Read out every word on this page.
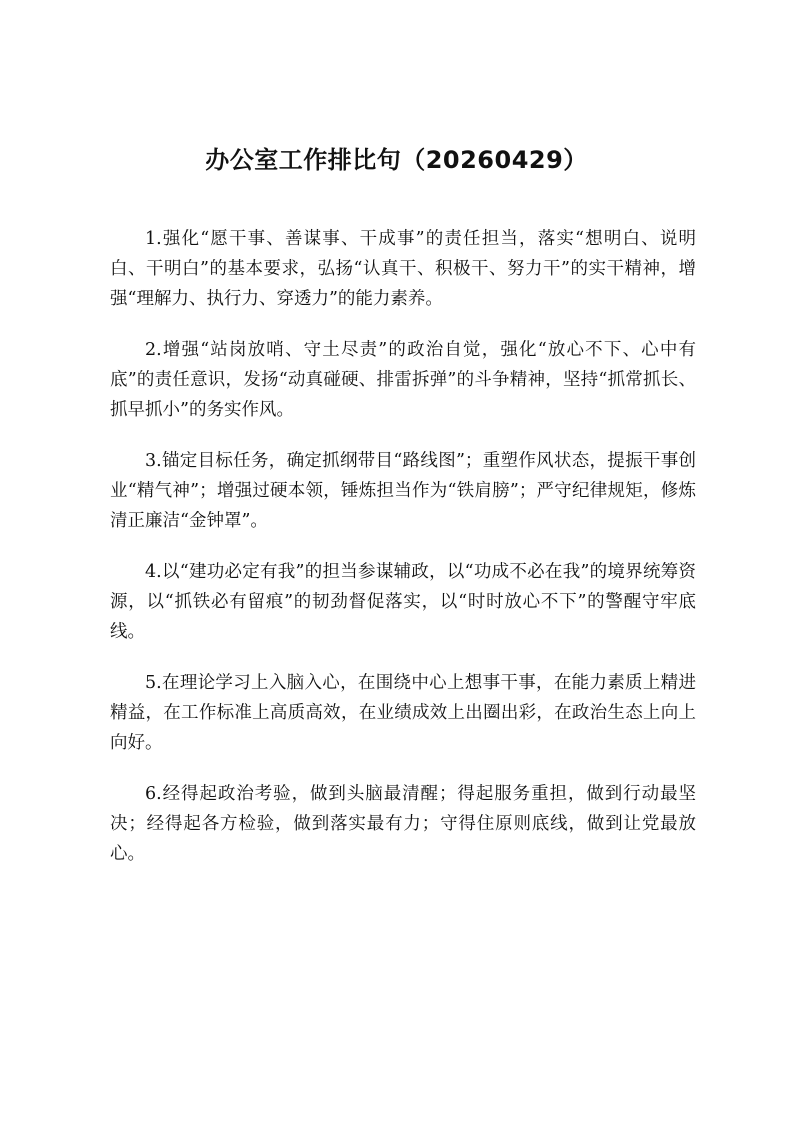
办公室工作排比句（20260429）

1.强化“愿干事、善谋事、干成事”的责任担当，落实“想明白、说明白、干明白”的基本要求，弘扬“认真干、积极干、努力干”的实干精神，增强“理解力、执行力、穿透力”的能力素养。

2.增强“站岗放哨、守土尽责”的政治自觉，强化“放心不下、心中有底”的责任意识，发扬“动真碰硬、排雷拆弹”的斗争精神，坚持“抓常抓长、抓早抓小”的务实作风。

3.锚定目标任务，确定抓纲带目“路线图”；重塑作风状态，提振干事创业“精气神”；增强过硬本领，锤炼担当作为“铁肩膀”；严守纪律规矩，修炼清正廉洁“金钟罩”。

4.以“建功必定有我”的担当参谋辅政，以“功成不必在我”的境界统筹资源，以“抓铁必有留痕”的韧劲督促落实，以“时时放心不下”的警醒守牢底线。

5.在理论学习上入脑入心，在围绕中心上想事干事，在能力素质上精进精益，在工作标准上高质高效，在业绩成效上出圈出彩，在政治生态上向上向好。

6.经得起政治考验，做到头脑最清醒；得起服务重担，做到行动最坚决；经得起各方检验，做到落实最有力；守得住原则底线，做到让党最放心。
